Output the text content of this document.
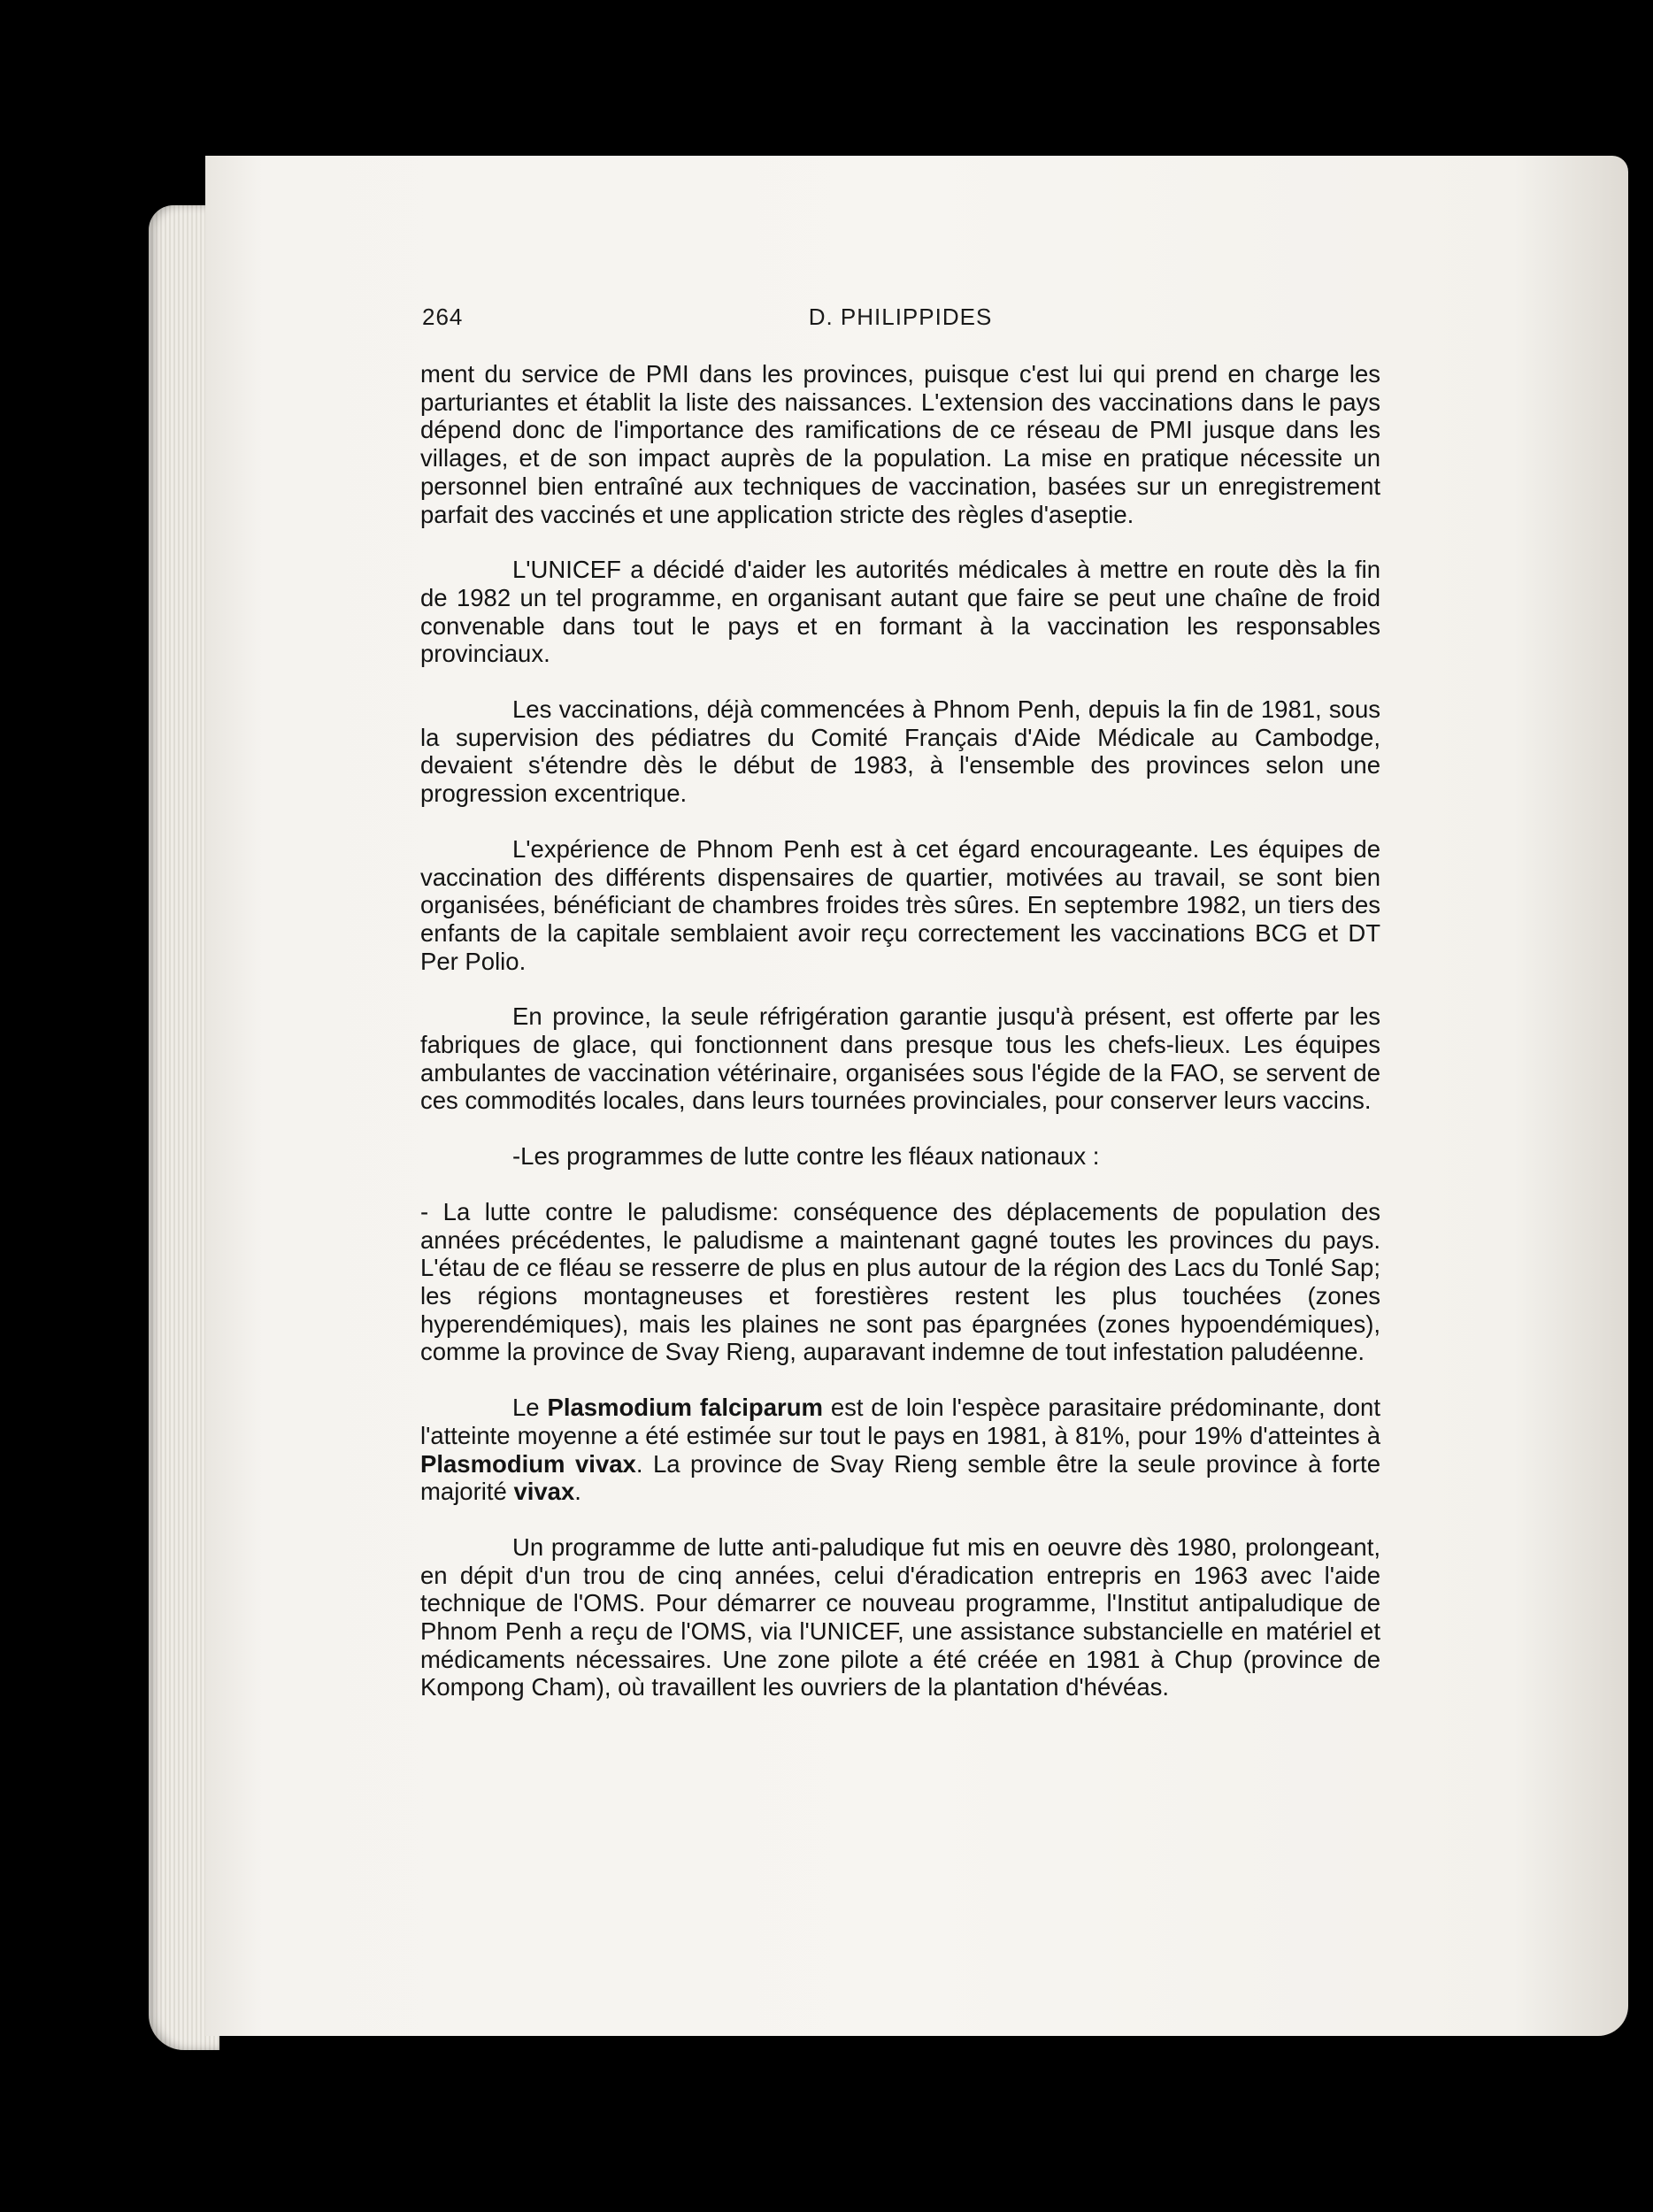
264	D. PHILIPPIDES

ment du service de PMI dans les provinces, puisque c'est lui qui prend en charge les parturiantes et établit la liste des naissances. L'extension des vaccinations dans le pays dépend donc de l'importance des ramifications de ce réseau de PMI jusque dans les villages, et de son impact auprès de la population. La mise en pratique nécessite un personnel bien entraîné aux techniques de vaccination, basées sur un enregistrement parfait des vaccinés et une application stricte des règles d'aseptie.

L'UNICEF a décidé d'aider les autorités médicales à mettre en route dès la fin de 1982 un tel programme, en organisant autant que faire se peut une chaîne de froid convenable dans tout le pays et en formant à la vaccination les responsables provinciaux.

Les vaccinations, déjà commencées à Phnom Penh, depuis la fin de 1981, sous la supervision des pédiatres du Comité Français d'Aide Médicale au Cambodge, devaient s'étendre dès le début de 1983, à l'ensemble des provinces selon une progression excentrique.

L'expérience de Phnom Penh est à cet égard encourageante. Les équipes de vaccination des différents dispensaires de quartier, motivées au travail, se sont bien organisées, bénéficiant de chambres froides très sûres. En septembre 1982, un tiers des enfants de la capitale semblaient avoir reçu correctement les vaccinations BCG et DT Per Polio.

En province, la seule réfrigération garantie jusqu'à présent, est offerte par les fabriques de glace, qui fonctionnent dans presque tous les chefs-lieux. Les équipes ambulantes de vaccination vétérinaire, organisées sous l'égide de la FAO, se servent de ces commodités locales, dans leurs tournées provinciales, pour conserver leurs vaccins.

-Les programmes de lutte contre les fléaux nationaux :

- La lutte contre le paludisme: conséquence des déplacements de population des années précédentes, le paludisme a maintenant gagné toutes les provinces du pays. L'étau de ce fléau se resserre de plus en plus autour de la région des Lacs du Tonlé Sap; les régions montagneuses et forestières restent les plus touchées (zones hyperendémiques), mais les plaines ne sont pas épargnées (zones hypoendémiques), comme la province de Svay Rieng, auparavant indemne de tout infestation paludéenne.

Le Plasmodium falciparum est de loin l'espèce parasitaire prédominante, dont l'atteinte moyenne a été estimée sur tout le pays en 1981, à 81%, pour 19% d'atteintes à Plasmodium vivax. La province de Svay Rieng semble être la seule province à forte majorité vivax.

Un programme de lutte anti-paludique fut mis en oeuvre dès 1980, prolongeant, en dépit d'un trou de cinq années, celui d'éradication entrepris en 1963 avec l'aide technique de l'OMS. Pour démarrer ce nouveau programme, l'Institut antipaludique de Phnom Penh a reçu de l'OMS, via l'UNICEF, une assistance substancielle en matériel et médicaments nécessaires. Une zone pilote a été créée en 1981 à Chup (province de Kompong Cham), où travaillent les ouvriers de la plantation d'hévéas.
